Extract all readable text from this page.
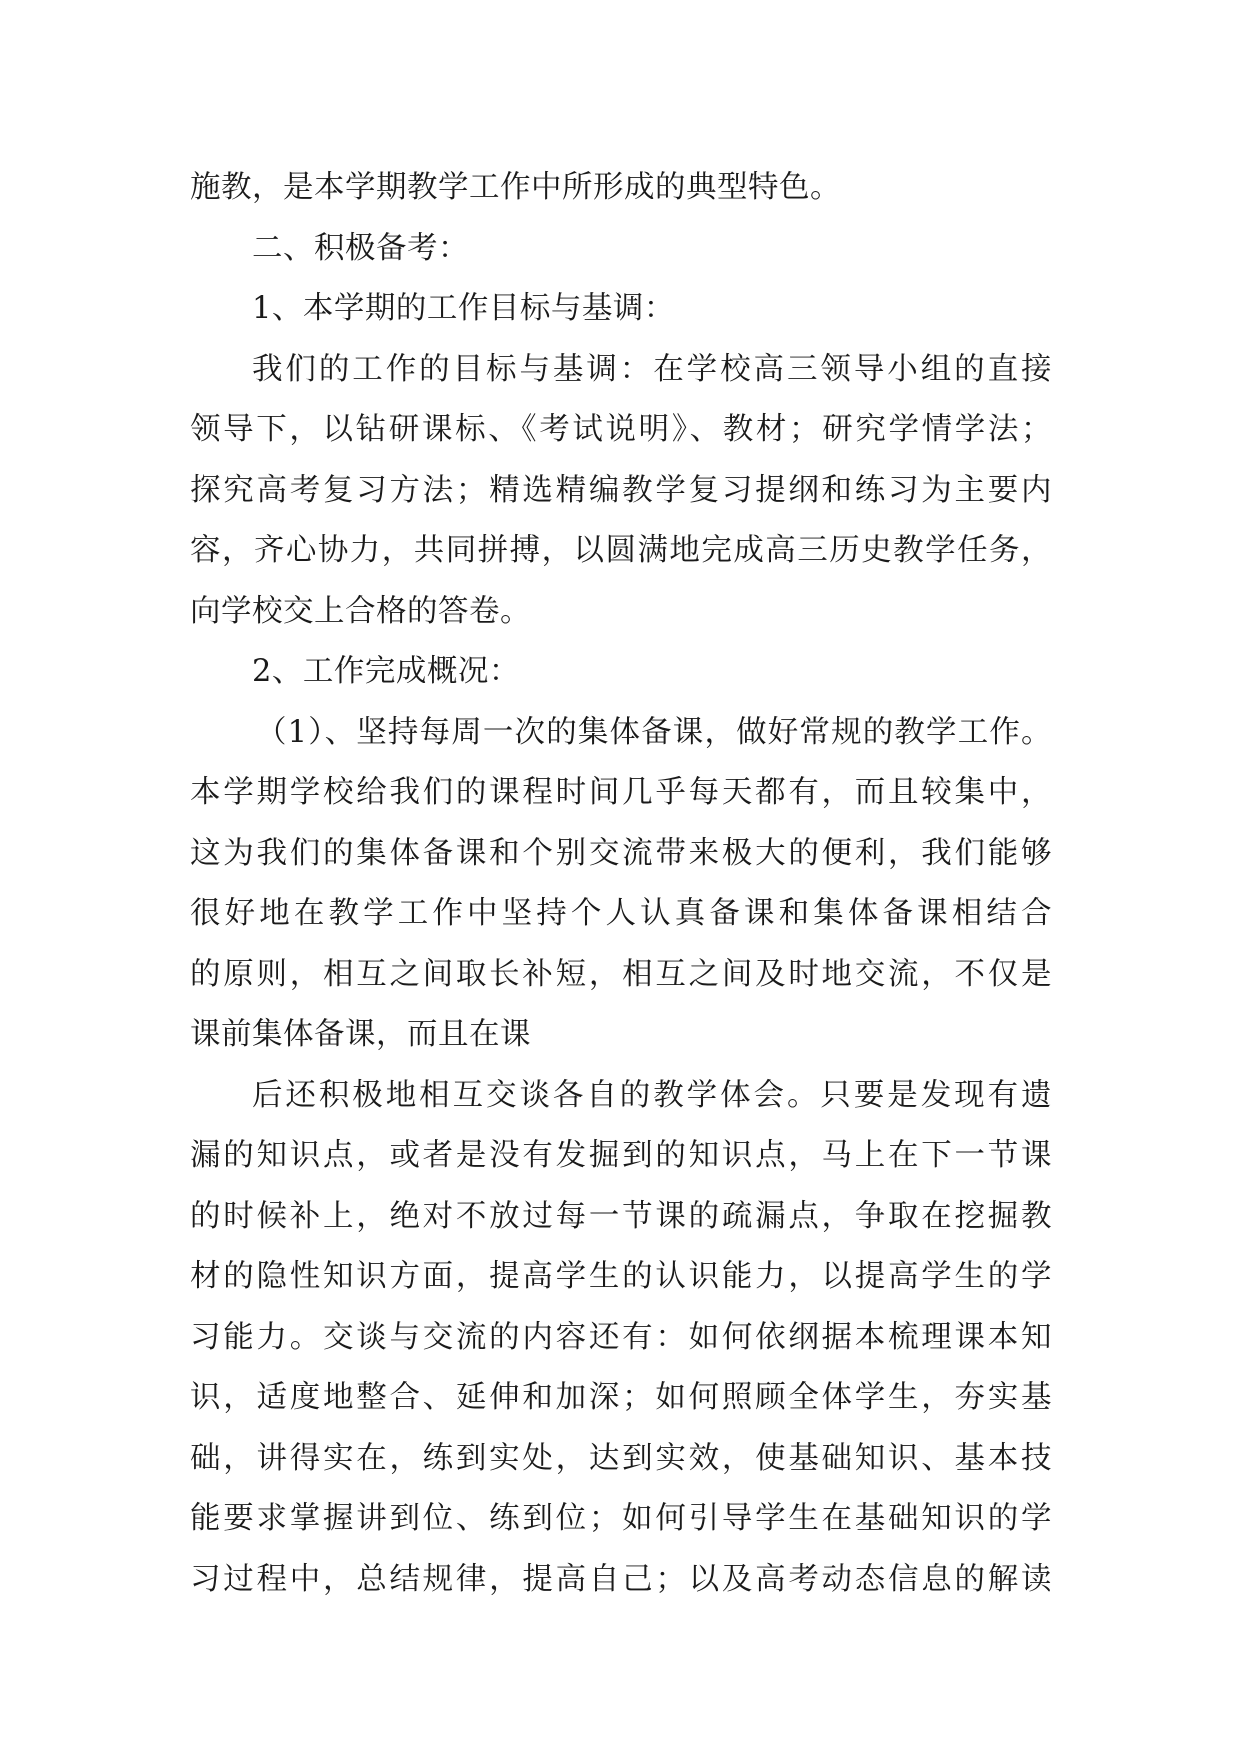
施教，是本学期教学工作中所形成的典型特色。
二、积极备考：
1、本学期的工作目标与基调：
我们的工作的目标与基调：在学校高三领导小组的直接
领导下，以钻研课标、《考试说明》、教材；研究学情学法；
探究高考复习方法；精选精编教学复习提纲和练习为主要内
容，齐心协力，共同拼搏，以圆满地完成高三历史教学任务，
向学校交上合格的答卷。
2、工作完成概况：
（1）、坚持每周一次的集体备课，做好常规的教学工作。
本学期学校给我们的课程时间几乎每天都有，而且较集中，
这为我们的集体备课和个别交流带来极大的便利，我们能够
很好地在教学工作中坚持个人认真备课和集体备课相结合
的原则，相互之间取长补短，相互之间及时地交流，不仅是
课前集体备课，而且在课
后还积极地相互交谈各自的教学体会。只要是发现有遗
漏的知识点，或者是没有发掘到的知识点，马上在下一节课
的时候补上，绝对不放过每一节课的疏漏点，争取在挖掘教
材的隐性知识方面，提高学生的认识能力，以提高学生的学
习能力。交谈与交流的内容还有：如何依纲据本梳理课本知
识，适度地整合、延伸和加深；如何照顾全体学生，夯实基
础，讲得实在，练到实处，达到实效，使基础知识、基本技
能要求掌握讲到位、练到位；如何引导学生在基础知识的学
习过程中，总结规律，提高自己；以及高考动态信息的解读
